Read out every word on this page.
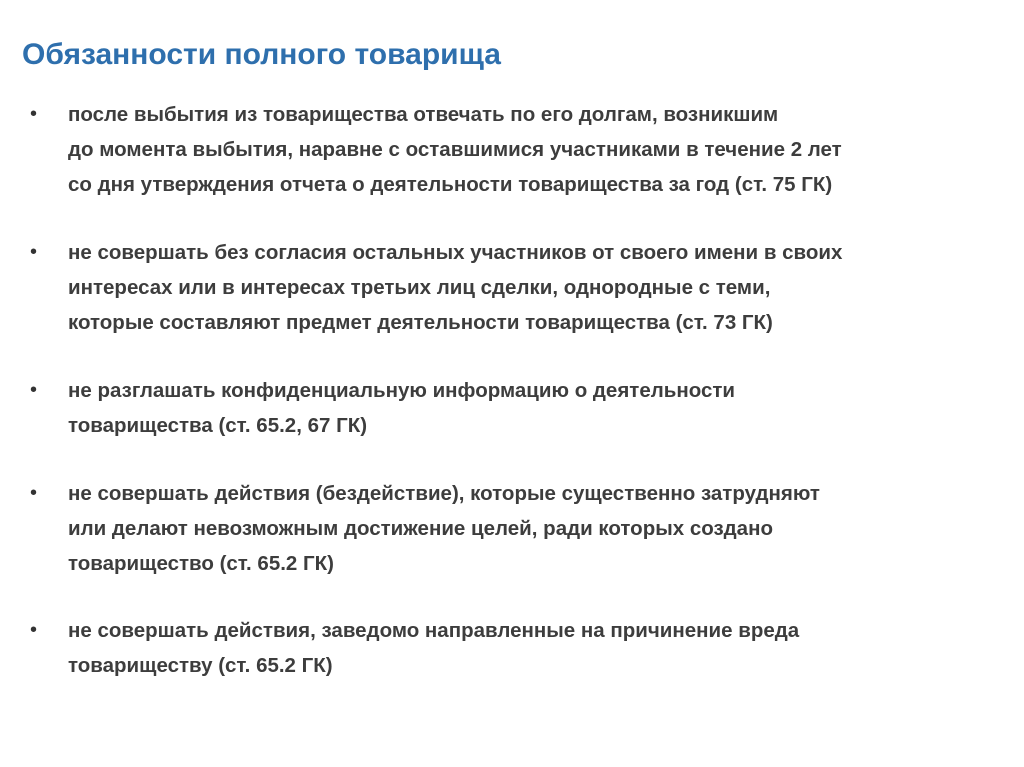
Обязанности полного товарища
• после выбытия из товарищества отвечать по его долгам, возникшим
до момента выбытия, наравне с оставшимися участниками в течение 2 лет
со дня утверждения отчета о деятельности товарищества за год (ст. 75 ГК)
• не совершать без согласия остальных участников от своего имени в своих
интересах или в интересах третьих лиц сделки, однородные с теми,
которые составляют предмет деятельности товарищества (ст. 73 ГК)
• не разглашать конфиденциальную информацию о деятельности
товарищества (ст. 65.2, 67 ГК)
• не совершать действия (бездействие), которые существенно затрудняют
или делают невозможным достижение целей, ради которых создано
товарищество (ст. 65.2 ГК)
• не совершать действия, заведомо направленные на причинение вреда
товариществу (ст. 65.2 ГК)
